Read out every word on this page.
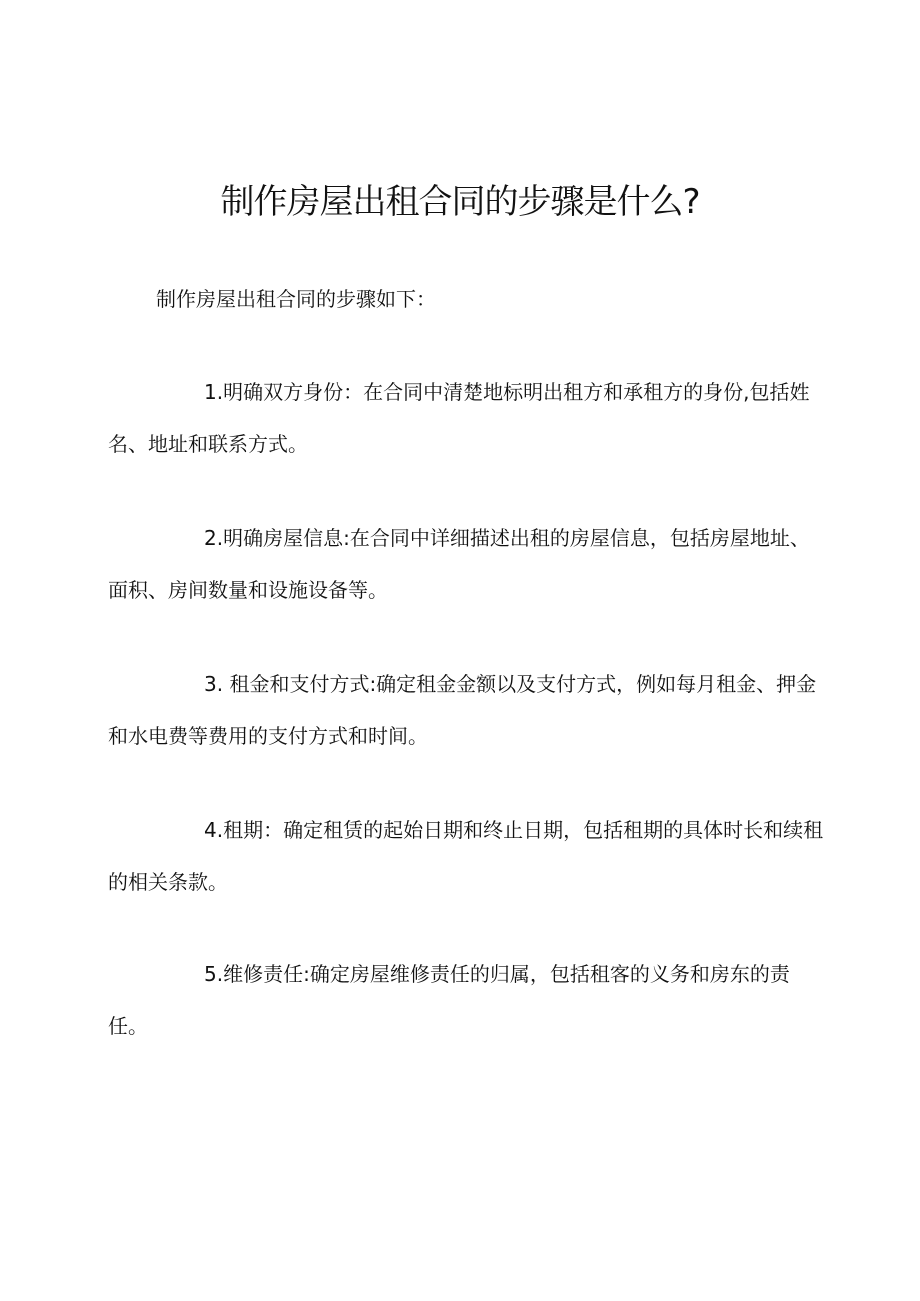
制作房屋出租合同的步骤是什么?

制作房屋出租合同的步骤如下：

1.明确双方身份：在合同中清楚地标明出租方和承租方的身份,包括姓名、地址和联系方式。

2.明确房屋信息:在合同中详细描述出租的房屋信息，包括房屋地址、面积、房间数量和设施设备等。

3. 租金和支付方式:确定租金金额以及支付方式，例如每月租金、押金和水电费等费用的支付方式和时间。

4.租期：确定租赁的起始日期和终止日期，包括租期的具体时长和续租的相关条款。

5.维修责任:确定房屋维修责任的归属，包括租客的义务和房东的责任。
